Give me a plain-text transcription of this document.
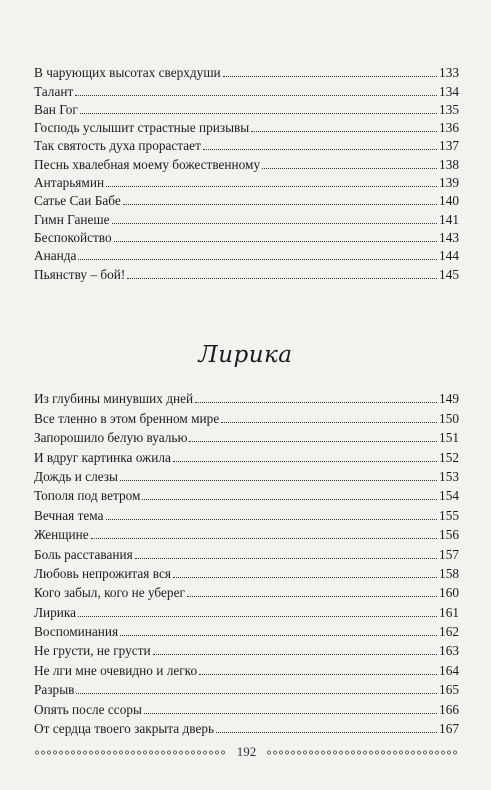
В чарующих высотах сверхдуши	133
Талант	134
Ван Гог	135
Господь услышит страстные призывы	136
Так святость духа прорастает	137
Песнь хвалебная моему божественному	138
Антарьямин	139
Сатье Саи Бабе	140
Гимн Ганеше	141
Беспокойство	143
Ананда	144
Пьянству – бой!	145
Лирика
Из глубины минувших дней	149
Все тленно в этом бренном мире	150
Запорошило белую вуалью	151
И вдруг картинка ожила	152
Дождь и слезы	153
Тополя под ветром	154
Вечная тема	155
Женщине	156
Боль расставания	157
Любовь непрожитая вся	158
Кого забыл, кого не уберег	160
Лирика	161
Воспоминания	162
Не грусти, не грусти	163
Не лги мне очевидно и легко	164
Разрыв	165
Опять после ссоры	166
От сердца твоего закрыта дверь	167
192
